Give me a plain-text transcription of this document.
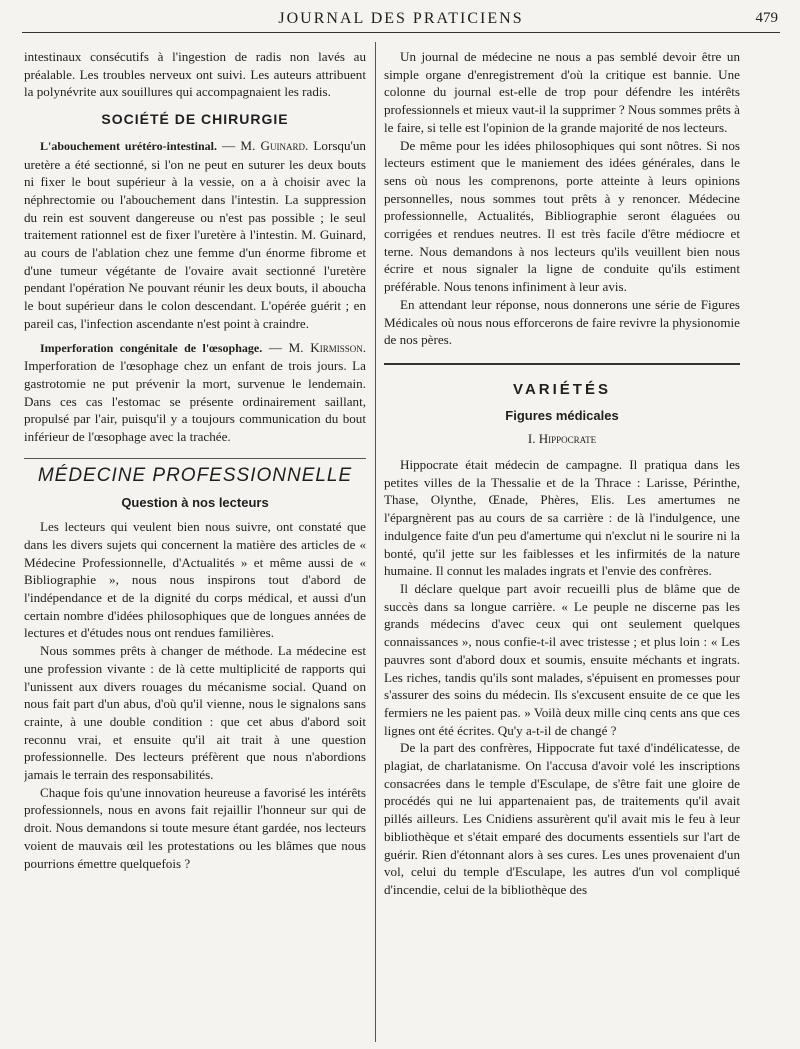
JOURNAL DES PRATICIENS	479

intestinaux consécutifs à l'ingestion de radis non lavés au préalable. Les troubles nerveux ont suivi. Les auteurs attribuent la polynévrite aux souillures qui accompagnaient les radis.

SOCIÉTÉ DE CHIRURGIE

L'abouchement urétéro-intestinal. — M. Guinard. Lorsqu'un uretère a été sectionné, si l'on ne peut en suturer les deux bouts ni fixer le bout supérieur à la vessie, on a à choisir avec la néphrectomie ou l'abouchement dans l'intestin. La suppression du rein est souvent dangereuse ou n'est pas possible ; le seul traitement rationnel est de fixer l'uretère à l'intestin. M. Guinard, au cours de l'ablation chez une femme d'un énorme fibrome et d'une tumeur végétante de l'ovaire avait sectionné l'uretère pendant l'opération Ne pouvant réunir les deux bouts, il aboucha le bout supérieur dans le colon descendant. L'opérée guérit ; en pareil cas, l'infection ascendante n'est point à craindre.

Imperforation congénitale de l'œsophage. — M. Kirmisson. Imperforation de l'œsophage chez un enfant de trois jours. La gastrotomie ne put prévenir la mort, survenue le lendemain. Dans ces cas l'estomac se présente ordinairement saillant, propulsé par l'air, puisqu'il y a toujours communication du bout inférieur de l'œsophage avec la trachée.

MÉDECINE PROFESSIONNELLE
Question à nos lecteurs

Les lecteurs qui veulent bien nous suivre, ont constaté que dans les divers sujets qui concernent la matière des articles de « Médecine Professionnelle, d'Actualités » et même aussi de « Bibliographie », nous nous inspirons tout d'abord de l'indépendance et de la dignité du corps médical, et aussi d'un certain nombre d'idées philosophiques que de longues années de lectures et d'études nous ont rendues familières.

Nous sommes prêts à changer de méthode. La médecine est une profession vivante : de là cette multiplicité de rapports qui l'unissent aux divers rouages du mécanisme social. Quand on nous fait part d'un abus, d'où qu'il vienne, nous le signalons sans crainte, à une double condition : que cet abus d'abord soit reconnu vrai, et ensuite qu'il ait trait à une question professionnelle. Des lecteurs préfèrent que nous n'abordions jamais le terrain des responsabilités.

Chaque fois qu'une innovation heureuse a favorisé les intérêts professionnels, nous en avons fait rejaillir l'honneur sur qui de droit. Nous demandons si toute mesure étant gardée, nos lecteurs voient de mauvais œil les protestations ou les blâmes que nous pourrions émettre quelquefois ?

Un journal de médecine ne nous a pas semblé devoir être un simple organe d'enregistrement d'où la critique est bannie. Une colonne du journal est-elle de trop pour défendre les intérêts professionnels et mieux vaut-il la supprimer ? Nous sommes prêts à le faire, si telle est l'opinion de la grande majorité de nos lecteurs.

De même pour les idées philosophiques qui sont nôtres. Si nos lecteurs estiment que le maniement des idées générales, dans le sens où nous les comprenons, porte atteinte à leurs opinions personnelles, nous sommes tout prêts à y renoncer. Médecine professionnelle, Actualités, Bibliographie seront élaguées ou corrigées et rendues neutres. Il est très facile d'être médiocre et terne. Nous demandons à nos lecteurs qu'ils veuillent bien nous écrire et nous signaler la ligne de conduite qu'ils estiment préférable. Nous tenons infiniment à leur avis.

En attendant leur réponse, nous donnerons une série de Figures Médicales où nous nous efforcerons de faire revivre la physionomie de nos pères.

VARIÉTÉS
Figures médicales
I. Hippocrate

Hippocrate était médecin de campagne. Il pratiqua dans les petites villes de la Thessalie et de la Thrace : Larisse, Périnthe, Thase, Olynthe, Œnade, Phères, Elis. Les amertumes ne l'épargnèrent pas au cours de sa carrière : de là l'indulgence, une indulgence faite d'un peu d'amertume qui n'exclut ni le sourire ni la bonté, qu'il jette sur les faiblesses et les infirmités de la nature humaine. Il connut les malades ingrats et l'envie des confrères.

Il déclare quelque part avoir recueilli plus de blâme que de succès dans sa longue carrière. « Le peuple ne discerne pas les grands médecins d'avec ceux qui ont seulement quelques connaissances », nous confie-t-il avec tristesse ; et plus loin : « Les pauvres sont d'abord doux et soumis, ensuite méchants et ingrats. Les riches, tandis qu'ils sont malades, s'épuisent en promesses pour s'assurer des soins du médecin. Ils s'excusent ensuite de ce que les fermiers ne les paient pas. » Voilà deux mille cinq cents ans que ces lignes ont été écrites. Qu'y a-t-il de changé ?

De la part des confrères, Hippocrate fut taxé d'indélicatesse, de plagiat, de charlatanisme. On l'accusa d'avoir volé les inscriptions consacrées dans le temple d'Esculape, de s'être fait une gloire de procédés qui ne lui appartenaient pas, de traitements qu'il avait pillés ailleurs. Les Cnidiens assurèrent qu'il avait mis le feu à leur bibliothèque et s'était emparé des documents essentiels sur l'art de guérir. Rien d'étonnant alors à ses cures. Les unes provenaient d'un vol, celui du temple d'Esculape, les autres d'un vol compliqué d'incendie, celui de la bibliothèque des
